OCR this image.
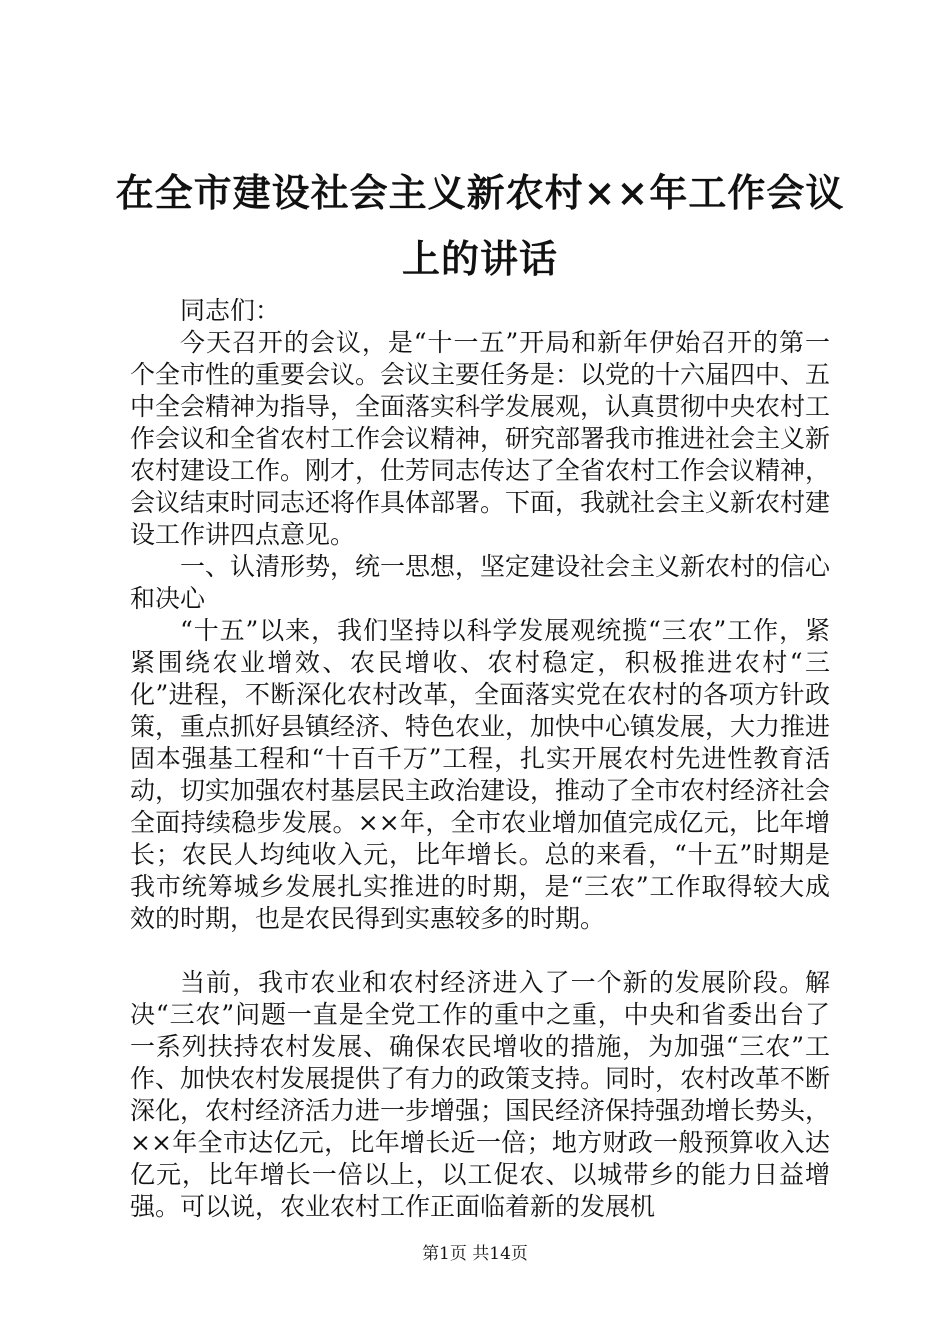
在全市建设社会主义新农村××年工作会议上的讲话

同志们：

今天召开的会议，是“十一五”开局和新年伊始召开的第一个全市性的重要会议。会议主要任务是：以党的十六届四中、五中全会精神为指导，全面落实科学发展观，认真贯彻中央农村工作会议和全省农村工作会议精神，研究部署我市推进社会主义新农村建设工作。刚才，仕芳同志传达了全省农村工作会议精神，会议结束时同志还将作具体部署。下面，我就社会主义新农村建设工作讲四点意见。

一、认清形势，统一思想，坚定建设社会主义新农村的信心和决心

“十五”以来，我们坚持以科学发展观统揽“三农”工作，紧紧围绕农业增效、农民增收、农村稳定，积极推进农村“三化”进程，不断深化农村改革，全面落实党在农村的各项方针政策，重点抓好县镇经济、特色农业，加快中心镇发展，大力推进固本强基工程和“十百千万”工程，扎实开展农村先进性教育活动，切实加强农村基层民主政治建设，推动了全市农村经济社会全面持续稳步发展。××年，全市农业增加值完成亿元，比年增长；农民人均纯收入元，比年增长。总的来看，“十五”时期是我市统筹城乡发展扎实推进的时期，是“三农”工作取得较大成效的时期，也是农民得到实惠较多的时期。

当前，我市农业和农村经济进入了一个新的发展阶段。解决“三农”问题一直是全党工作的重中之重，中央和省委出台了一系列扶持农村发展、确保农民增收的措施，为加强“三农”工作、加快农村发展提供了有力的政策支持。同时，农村改革不断深化，农村经济活力进一步增强；国民经济保持强劲增长势头，××年全市达亿元，比年增长近一倍；地方财政一般预算收入达亿元，比年增长一倍以上，以工促农、以城带乡的能力日益增强。可以说，农业农村工作正面临着新的发展机

第1页 共14页
